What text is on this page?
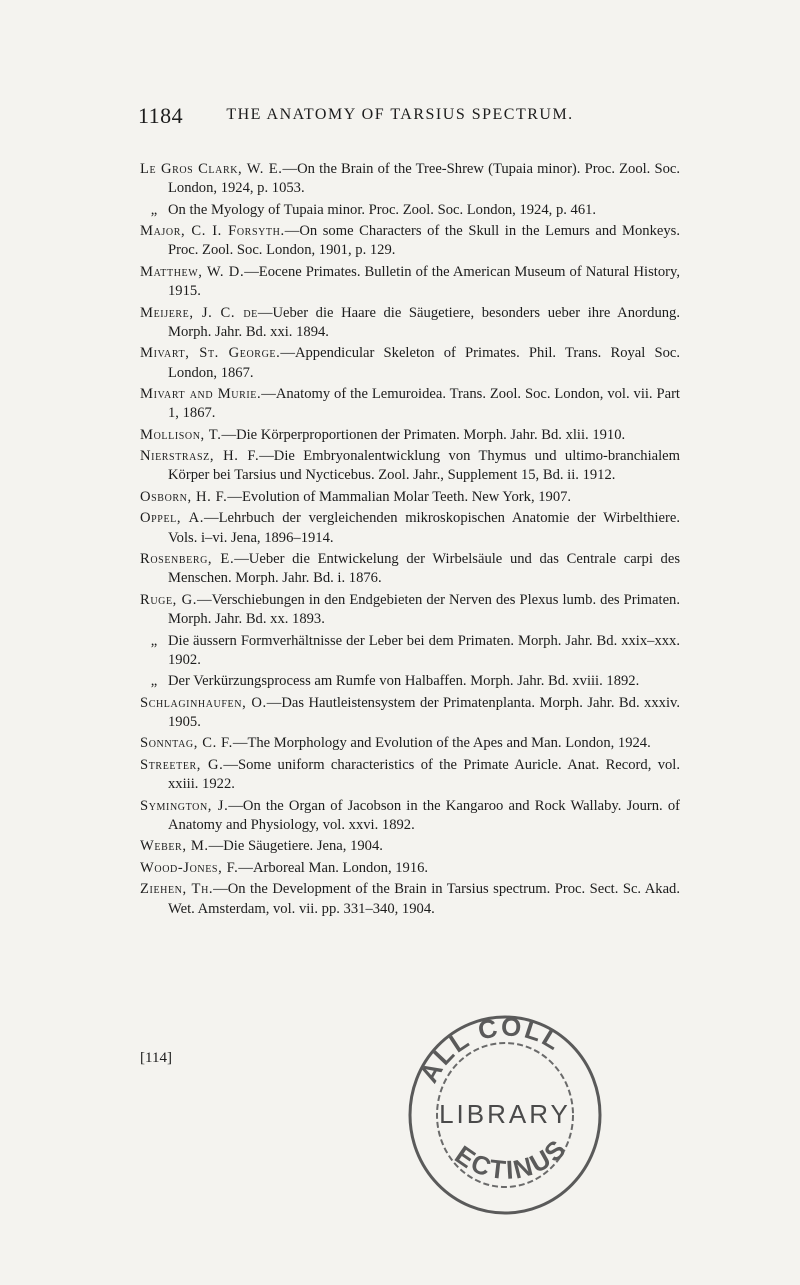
1184	THE ANATOMY OF TARSIUS SPECTRUM.

Le Gros Clark, W. E.—On the Brain of the Tree-Shrew (Tupaia minor). Proc. Zool. Soc. London, 1924, p. 1053.

„ On the Myology of Tupaia minor. Proc. Zool. Soc. London, 1924, p. 461.

Major, C. I. Forsyth.—On some Characters of the Skull in the Lemurs and Monkeys. Proc. Zool. Soc. London, 1901, p. 129.

Matthew, W. D.—Eocene Primates. Bulletin of the American Museum of Natural History, 1915.

Meijere, J. C. de—Ueber die Haare die Säugetiere, besonders ueber ihre Anordung. Morph. Jahr. Bd. xxi. 1894.

Mivart, St. George.—Appendicular Skeleton of Primates. Phil. Trans. Royal Soc. London, 1867.

Mivart and Murie.—Anatomy of the Lemuroidea. Trans. Zool. Soc. London, vol. vii. Part 1, 1867.

Mollison, T.—Die Körperproportionen der Primaten. Morph. Jahr. Bd. xlii. 1910.

Nierstrasz, H. F.—Die Embryonalentwicklung von Thymus und ultimo-branchialem Körper bei Tarsius und Nycticebus. Zool. Jahr., Supplement 15, Bd. ii. 1912.

Osborn, H. F.—Evolution of Mammalian Molar Teeth. New York, 1907.

Oppel, A.—Lehrbuch der vergleichenden mikroskopischen Anatomie der Wirbelthiere. Vols. i–vi. Jena, 1896–1914.

Rosenberg, E.—Ueber die Entwickelung der Wirbelsäule und das Centrale carpi des Menschen. Morph. Jahr. Bd. i. 1876.

Ruge, G.—Verschiebungen in den Endgebieten der Nerven des Plexus lumb. des Primaten. Morph. Jahr. Bd. xx. 1893.

„ Die äussern Formverhältnisse der Leber bei dem Primaten. Morph. Jahr. Bd. xxix–xxx. 1902.

„ Der Verkürzungsprocess am Rumfe von Halbaffen. Morph. Jahr. Bd. xviii. 1892.

Schlaginhaufen, O.—Das Hautleistensystem der Primatenplanta. Morph. Jahr. Bd. xxxiv. 1905.

Sonntag, C. F.—The Morphology and Evolution of the Apes and Man. London, 1924.

Streeter, G.—Some uniform characteristics of the Primate Auricle. Anat. Record, vol. xxiii. 1922.

Symington, J.—On the Organ of Jacobson in the Kangaroo and Rock Wallaby. Journ. of Anatomy and Physiology, vol. xxvi. 1892.

Weber, M.—Die Säugetiere. Jena, 1904.

Wood-Jones, F.—Arboreal Man. London, 1916.

Ziehen, Th.—On the Development of the Brain in Tarsius spectrum. Proc. Sect. Sc. Akad. Wet. Amsterdam, vol. vii. pp. 331–340, 1904.

[114]	ALL COLL
LIBRARY
ECTINUS
